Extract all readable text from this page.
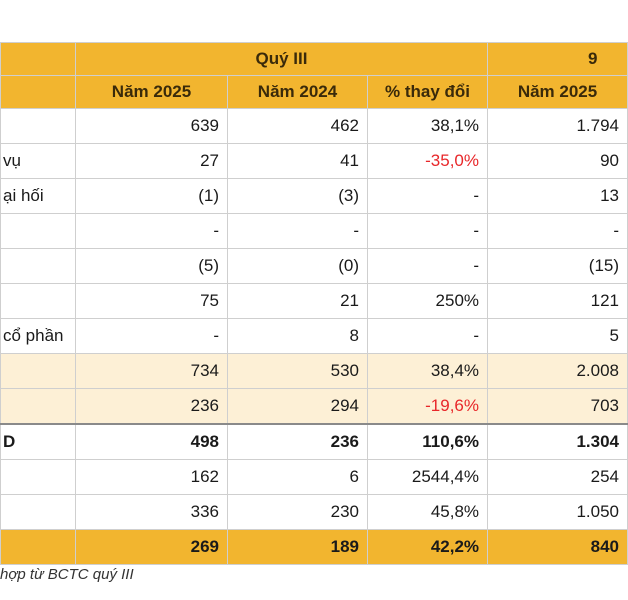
	Quý III			9
	Năm 2025	Năm 2024	% thay đổi	Năm 2025
	639	462	38,1%	1.794
vụ	27	41	-35,0%	90
ại hối	(1)	(3)	-	13
	-	-	-	-
	(5)	(0)	-	(15)
	75	21	250%	121
cổ phần	-	8	-	5
	734	530	38,4%	2.008
	236	294	-19,6%	703
D	498	236	110,6%	1.304
	162	6	2544,4%	254
	336	230	45,8%	1.050
	269	189	42,2%	840
hợp từ BCTC quý III
